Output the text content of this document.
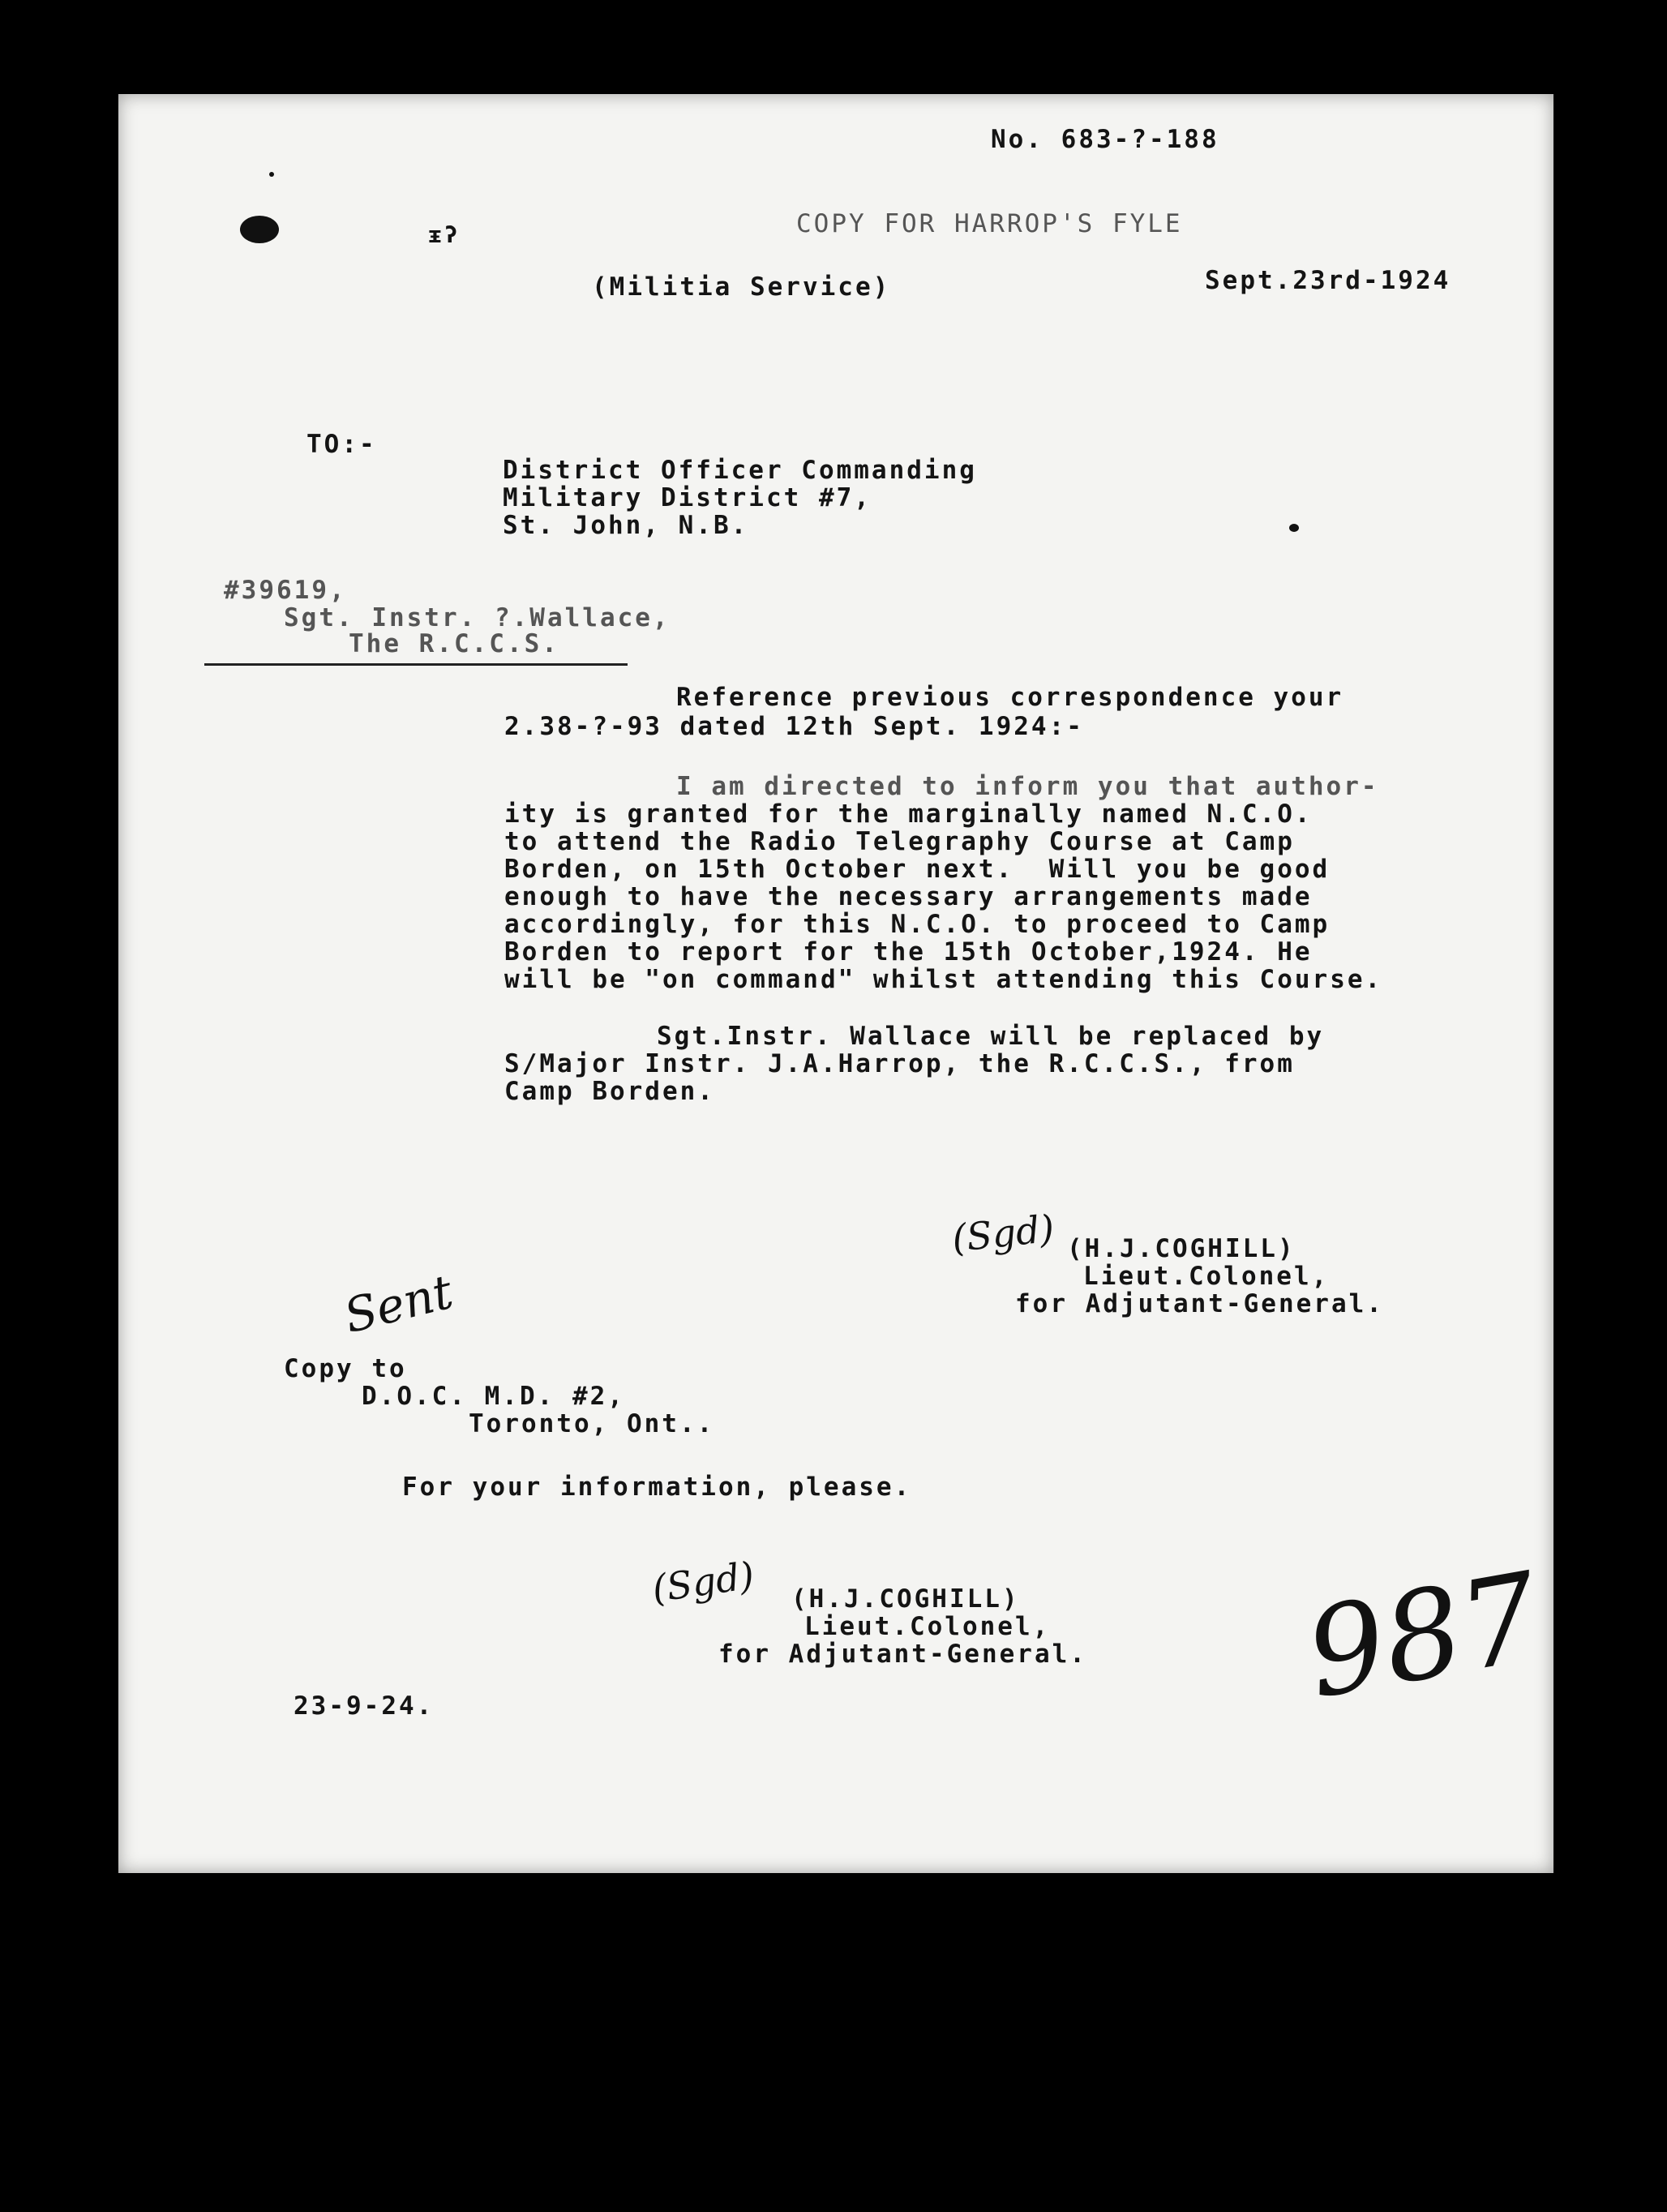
ᵻʔ
No. 683-?-188
COPY FOR HARROP'S FYLE
(Militia Service)	Sept.23rd-1924
TO:-
District Officer Commanding
Military District #7,
St. John, N.B.
#39619,
Sgt. Instr. ?.Wallace,
The R.C.C.S.
Reference previous correspondence your
2.38-?-93 dated 12th Sept. 1924:-
I am directed to inform you that author-
ity is granted for the marginally named N.C.O.
to attend the Radio Telegraphy Course at Camp
Borden, on 15th October next.  Will you be good
enough to have the necessary arrangements made
accordingly, for this N.C.O. to proceed to Camp
Borden to report for the 15th October,1924. He
will be "on command" whilst attending this Course.
Sgt.Instr. Wallace will be replaced by
S/Major Instr. J.A.Harrop, the R.C.C.S., from
Camp Borden.
(Sgd) (H.J.COGHILL)
Lieut.Colonel,
for Adjutant-General.
Sent
Copy to
D.O.C. M.D. #2,
Toronto, Ont..
For your information, please.
(Sgd) (H.J.COGHILL)
Lieut.Colonel,
for Adjutant-General.
23-9-24.	987
